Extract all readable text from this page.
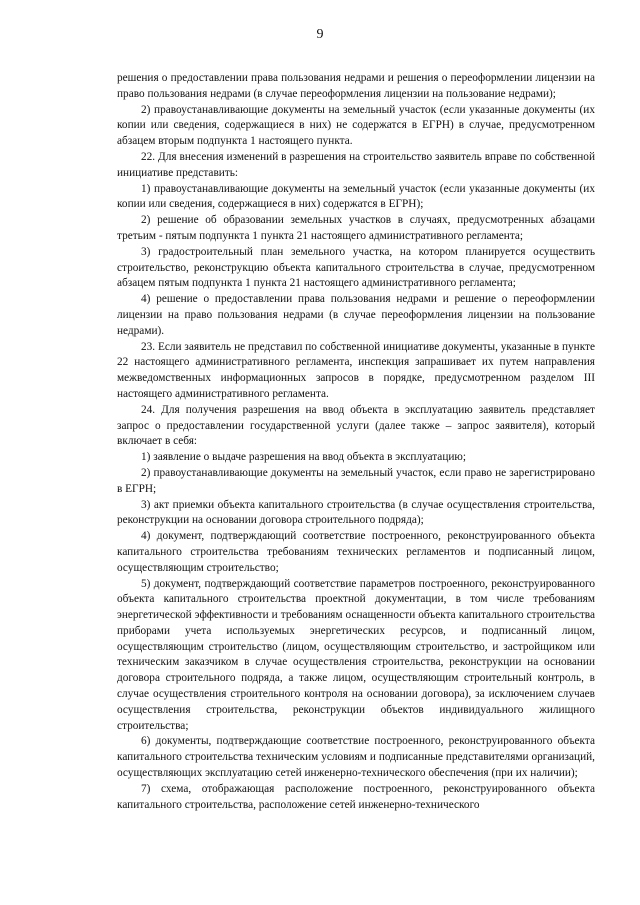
9

решения о предоставлении права пользования недрами и решения о переоформлении лицензии на право пользования недрами (в случае переоформления лицензии на пользование недрами);

2) правоустанавливающие документы на земельный участок (если указанные документы (их копии или сведения, содержащиеся в них) не содержатся в ЕГРН) в случае, предусмотренном абзацем вторым подпункта 1 настоящего пункта.

22. Для внесения изменений в разрешения на строительство заявитель вправе по собственной инициативе представить:

1) правоустанавливающие документы на земельный участок (если указанные документы (их копии или сведения, содержащиеся в них) содержатся в ЕГРН);

2) решение об образовании земельных участков в случаях, предусмотренных абзацами третьим - пятым подпункта 1 пункта 21 настоящего административного регламента;

3) градостроительный план земельного участка, на котором планируется осуществить строительство, реконструкцию объекта капитального строительства в случае, предусмотренном абзацем пятым подпункта 1 пункта 21 настоящего административного регламента;

4) решение о предоставлении права пользования недрами и решение о переоформлении лицензии на право пользования недрами (в случае переоформления лицензии на пользование недрами).

23. Если заявитель не представил по собственной инициативе документы, указанные в пункте 22 настоящего административного регламента, инспекция запрашивает их путем направления межведомственных информационных запросов в порядке, предусмотренном разделом III настоящего административного регламента.

24. Для получения разрешения на ввод объекта в эксплуатацию заявитель представляет запрос о предоставлении государственной услуги (далее также – запрос заявителя), который включает в себя:

1) заявление о выдаче разрешения на ввод объекта в эксплуатацию;

2) правоустанавливающие документы на земельный участок, если право не зарегистрировано в ЕГРН;

3) акт приемки объекта капитального строительства (в случае осуществления строительства, реконструкции на основании договора строительного подряда);

4) документ, подтверждающий соответствие построенного, реконструированного объекта капитального строительства требованиям технических регламентов и подписанный лицом, осуществляющим строительство;

5) документ, подтверждающий соответствие параметров построенного, реконструированного объекта капитального строительства проектной документации, в том числе требованиям энергетической эффективности и требованиям оснащенности объекта капитального строительства приборами учета используемых энергетических ресурсов, и подписанный лицом, осуществляющим строительство (лицом, осуществляющим строительство, и застройщиком или техническим заказчиком в случае осуществления строительства, реконструкции на основании договора строительного подряда, а также лицом, осуществляющим строительный контроль, в случае осуществления строительного контроля на основании договора), за исключением случаев осуществления строительства, реконструкции объектов индивидуального жилищного строительства;

6) документы, подтверждающие соответствие построенного, реконструированного объекта капитального строительства техническим условиям и подписанные представителями организаций, осуществляющих эксплуатацию сетей инженерно-технического обеспечения (при их наличии);

7) схема, отображающая расположение построенного, реконструированного объекта капитального строительства, расположение сетей инженерно-технического
